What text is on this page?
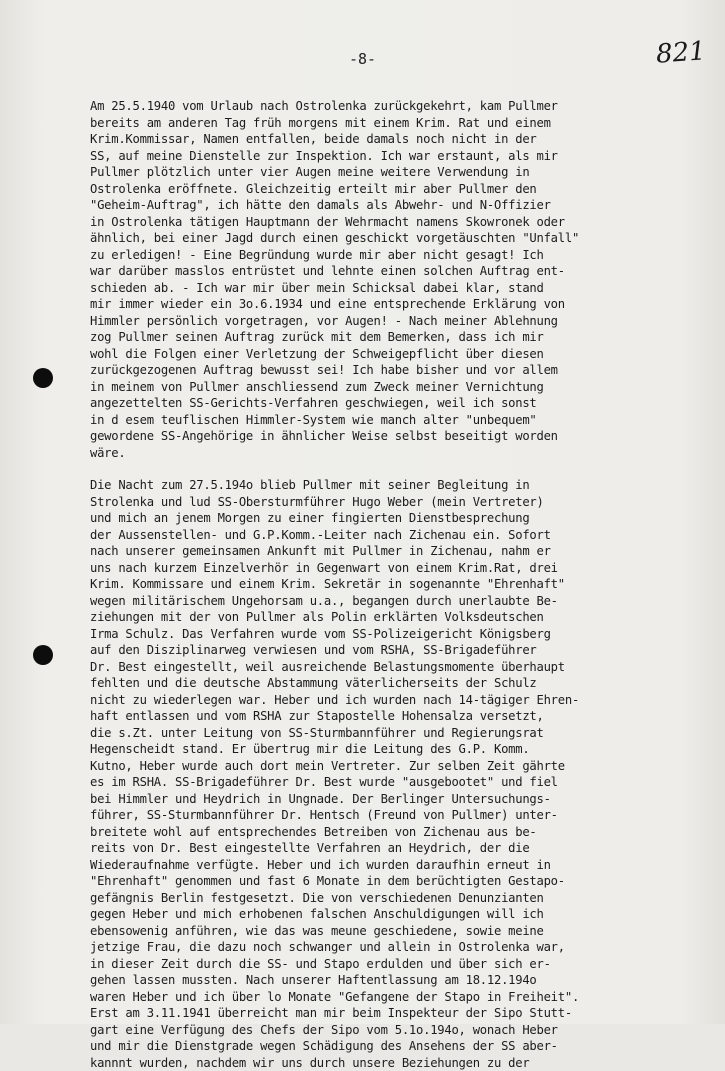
-8-	821
Am 25.5.1940 vom Urlaub nach Ostrolenka zurückgekehrt, kam Pullmer
bereits am anderen Tag früh morgens mit einem Krim. Rat und einem
Krim.Kommissar, Namen entfallen, beide damals noch nicht in der
SS, auf meine Dienstelle zur Inspektion. Ich war erstaunt, als mir
Pullmer plötzlich unter vier Augen meine weitere Verwendung in
Ostrolenka eröffnete. Gleichzeitig erteilt mir aber Pullmer den
"Geheim-Auftrag", ich hätte den damals als Abwehr- und N-Offizier
in Ostrolenka tätigen Hauptmann der Wehrmacht namens Skowronek oder
ähnlich, bei einer Jagd durch einen geschickt vorgetäuschten "Unfall"
zu erledigen! - Eine Begründung wurde mir aber nicht gesagt! Ich
war darüber masslos entrüstet und lehnte einen solchen Auftrag ent-
schieden ab. - Ich war mir über mein Schicksal dabei klar, stand
mir immer wieder ein 3o.6.1934 und eine entsprechende Erklärung von
Himmler persönlich vorgetragen, vor Augen! - Nach meiner Ablehnung
zog Pullmer seinen Auftrag zurück mit dem Bemerken, dass ich mir
wohl die Folgen einer Verletzung der Schweigepflicht über diesen
zurückgezogenen Auftrag bewusst sei! Ich habe bisher und vor allem
in meinem von Pullmer anschliessend zum Zweck meiner Vernichtung
angezettelten SS-Gerichts-Verfahren geschwiegen, weil ich sonst
in d esem teuflischen Himmler-System wie manch alter "unbequem"
gewordene SS-Angehörige in ähnlicher Weise selbst beseitigt worden
wäre.
Die Nacht zum 27.5.194o blieb Pullmer mit seiner Begleitung in
Strolenka und lud SS-Obersturmführer Hugo Weber (mein Vertreter)
und mich an jenem Morgen zu einer fingierten Dienstbesprechung
der Aussenstellen- und G.P.Komm.-Leiter nach Zichenau ein. Sofort
nach unserer gemeinsamen Ankunft mit Pullmer in Zichenau, nahm er
uns nach kurzem Einzelverhör in Gegenwart von einem Krim.Rat, drei
Krim. Kommissare und einem Krim. Sekretär in sogenannte "Ehrenhaft"
wegen militärischem Ungehorsam u.a., begangen durch unerlaubte Be-
ziehungen mit der von Pullmer als Polin erklärten Volksdeutschen
Irma Schulz. Das Verfahren wurde vom SS-Polizeigericht Königsberg
auf den Disziplinarweg verwiesen und vom RSHA, SS-Brigadeführer
Dr. Best eingestellt, weil ausreichende Belastungsmomente überhaupt
fehlten und die deutsche Abstammung väterlicherseits der Schulz
nicht zu wiederlegen war. Heber und ich wurden nach 14-tägiger Ehren-
haft entlassen und vom RSHA zur Stapostelle Hohensalza versetzt,
die s.Zt. unter Leitung von SS-Sturmbannführer und Regierungsrat
Hegenscheidt stand. Er übertrug mir die Leitung des G.P. Komm.
Kutno, Heber wurde auch dort mein Vertreter. Zur selben Zeit gährte
es im RSHA. SS-Brigadeführer Dr. Best wurde "ausgebootet" und fiel
bei Himmler und Heydrich in Ungnade. Der Berlinger Untersuchungs-
führer, SS-Sturmbannführer Dr. Hentsch (Freund von Pullmer) unter-
breitete wohl auf entsprechendes Betreiben von Zichenau aus be-
reits von Dr. Best eingestellte Verfahren an Heydrich, der die
Wiederaufnahme verfügte. Heber und ich wurden daraufhin erneut in
"Ehrenhaft" genommen und fast 6 Monate in dem berüchtigten Gestapo-
gefängnis Berlin festgesetzt. Die von verschiedenen Denunzianten
gegen Heber und mich erhobenen falschen Anschuldigungen will ich
ebensowenig anführen, wie das was meune geschiedene, sowie meine
jetzige Frau, die dazu noch schwanger und allein in Ostrolenka war,
in dieser Zeit durch die SS- und Stapo erdulden und über sich er-
gehen lassen mussten. Nach unserer Haftentlassung am 18.12.194o
waren Heber und ich über lo Monate "Gefangene der Stapo in Freiheit".
Erst am 3.11.1941 überreicht man mir beim Inspekteur der Sipo Stutt-
gart eine Verfügung des Chefs der Sipo vom 5.1o.194o, wonach Heber
und mir die Dienstgrade wegen Schädigung des Ansehens der SS aber-
kannnt wurden, nachdem wir uns durch unsere Beziehungen zu der
